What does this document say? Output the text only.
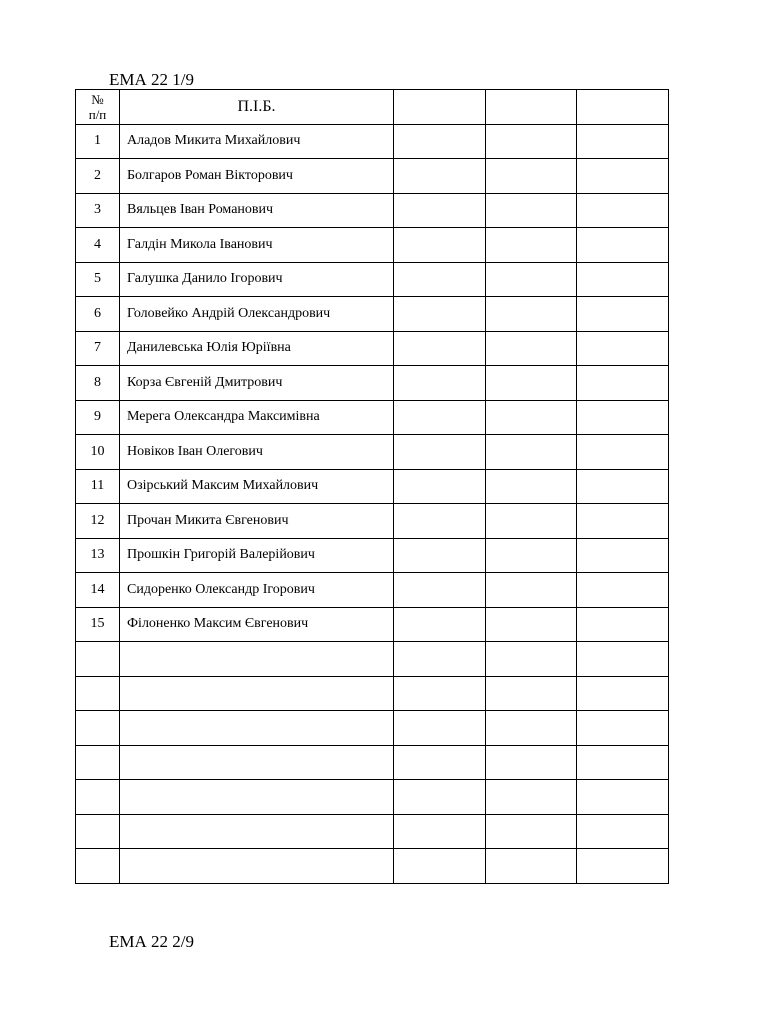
ЕМА 22 1/9
№
п/п	П.І.Б.			
1	Аладов Микита Михайлович			
2	Болгаров Роман Вікторович			
3	Вяльцев Іван Романович			
4	Галдін Микола Іванович			
5	Галушка Данило Ігорович			
6	Головейко Андрій Олександрович			
7	Данилевська Юлія Юріївна			
8	Корза Євгеній Дмитрович			
9	Мерега Олександра Максимівна			
10	Новіков Іван Олегович			
11	Озірський Максим Михайлович			
12	Прочан Микита Євгенович			
13	Прошкін Григорій Валерійович			
14	Сидоренко Олександр Ігорович			
15	Філоненко Максим Євгенович			

ЕМА 22 2/9
